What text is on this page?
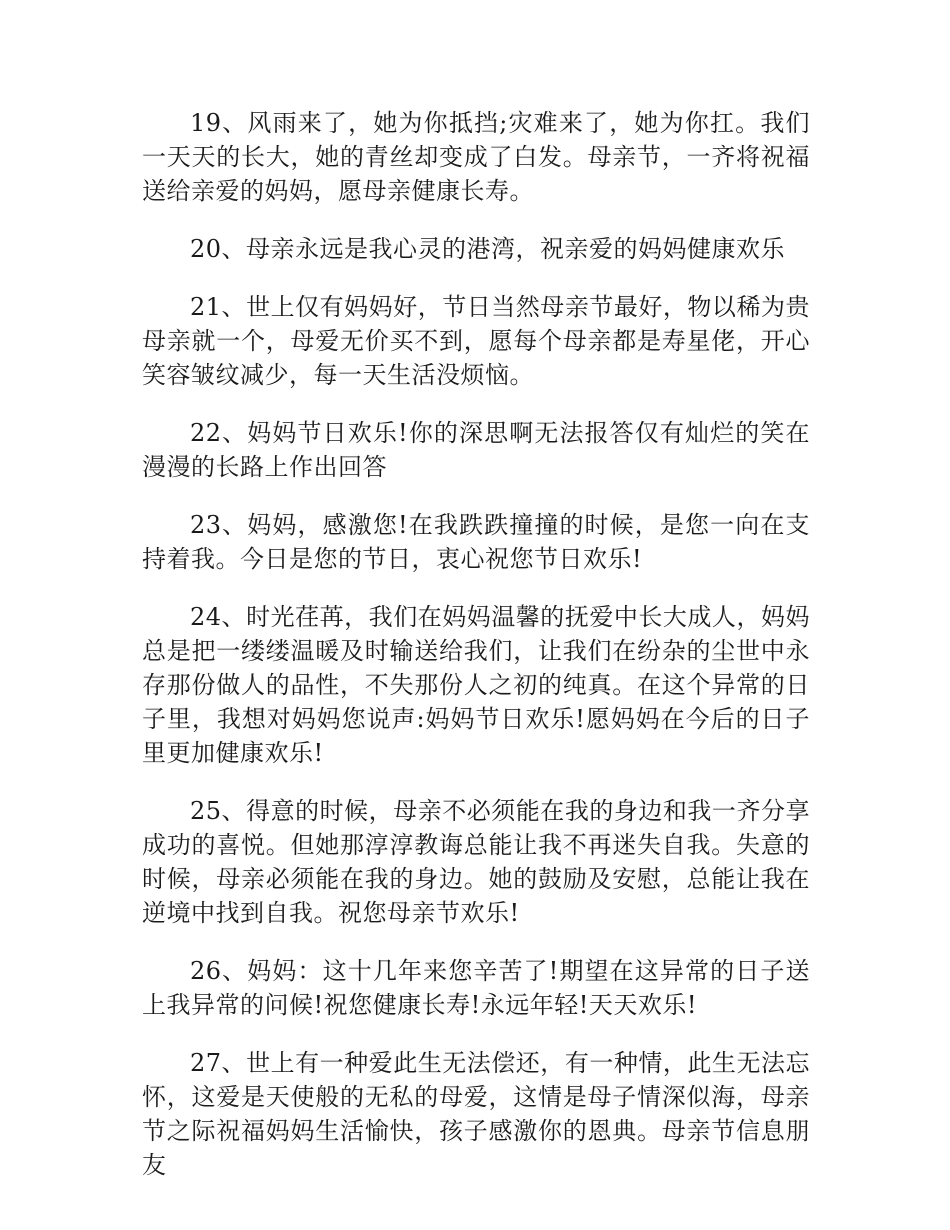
19、风雨来了，她为你抵挡;灾难来了，她为你扛。我们一天天的长大，她的青丝却变成了白发。母亲节，一齐将祝福送给亲爱的妈妈，愿母亲健康长寿。

20、母亲永远是我心灵的港湾，祝亲爱的妈妈健康欢乐

21、世上仅有妈妈好，节日当然母亲节最好，物以稀为贵母亲就一个，母爱无价买不到，愿每个母亲都是寿星佬，开心笑容皱纹减少，每一天生活没烦恼。

22、妈妈节日欢乐!你的深思啊无法报答仅有灿烂的笑在漫漫的长路上作出回答

23、妈妈，感激您!在我跌跌撞撞的时候，是您一向在支持着我。今日是您的节日，衷心祝您节日欢乐!

24、时光荏苒，我们在妈妈温馨的抚爱中长大成人，妈妈总是把一缕缕温暖及时输送给我们，让我们在纷杂的尘世中永存那份做人的品性，不失那份人之初的纯真。在这个异常的日子里，我想对妈妈您说声:妈妈节日欢乐!愿妈妈在今后的日子里更加健康欢乐!

25、得意的时候，母亲不必须能在我的身边和我一齐分享成功的喜悦。但她那淳淳教诲总能让我不再迷失自我。失意的时候，母亲必须能在我的身边。她的鼓励及安慰，总能让我在逆境中找到自我。祝您母亲节欢乐!

26、妈妈：这十几年来您辛苦了!期望在这异常的日子送上我异常的问候!祝您健康长寿!永远年轻!天天欢乐!

27、世上有一种爱此生无法偿还，有一种情，此生无法忘怀，这爱是天使般的无私的母爱，这情是母子情深似海，母亲节之际祝福妈妈生活愉快，孩子感激你的恩典。母亲节信息朋友
